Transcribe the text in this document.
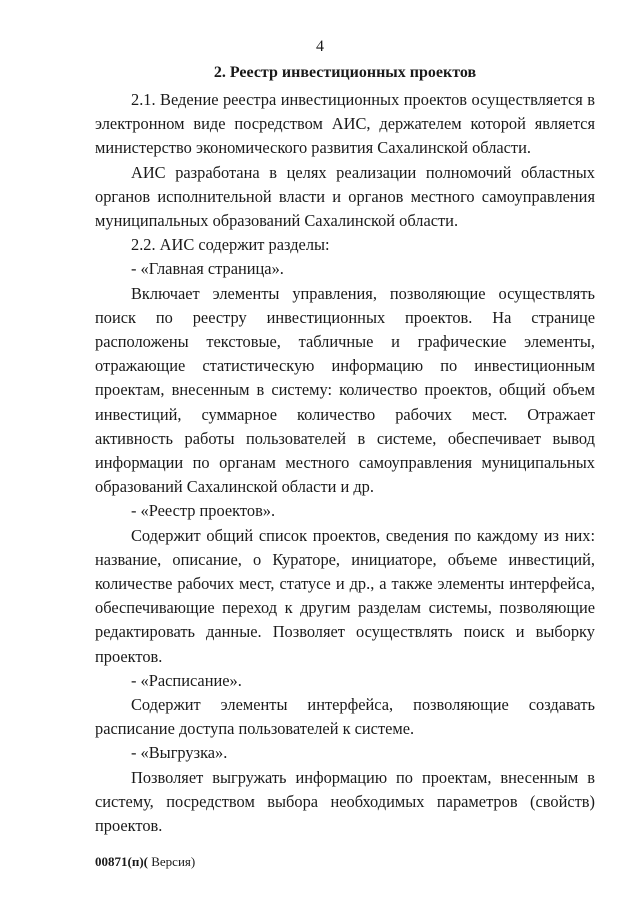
4
2. Реестр инвестиционных проектов

2.1. Ведение реестра инвестиционных проектов осуществляется в электронном виде посредством АИС, держателем которой является министерство экономического развития Сахалинской области.

АИС разработана в целях реализации полномочий областных органов исполнительной власти и органов местного самоуправления муниципальных образований Сахалинской области.

2.2. АИС содержит разделы:

- «Главная страница».

Включает элементы управления, позволяющие осуществлять поиск по реестру инвестиционных проектов. На странице расположены текстовые, табличные и графические элементы, отражающие статистическую информацию по инвестиционным проектам, внесенным в систему: количество проектов, общий объем инвестиций, суммарное количество рабочих мест. Отражает активность работы пользователей в системе, обеспечивает вывод информации по органам местного самоуправления муниципальных образований Сахалинской области и др.

- «Реестр проектов».

Содержит общий список проектов, сведения по каждому из них: название, описание, о Кураторе, инициаторе, объеме инвестиций, количестве рабочих мест, статусе и др., а также элементы интерфейса, обеспечивающие переход к другим разделам системы, позволяющие редактировать данные. Позволяет осуществлять поиск и выборку проектов.

- «Расписание».

Содержит элементы интерфейса, позволяющие создавать расписание доступа пользователей к системе.

- «Выгрузка».

Позволяет выгружать информацию по проектам, внесенным в систему, посредством выбора необходимых параметров (свойств) проектов.

00871(п)( Версия)
